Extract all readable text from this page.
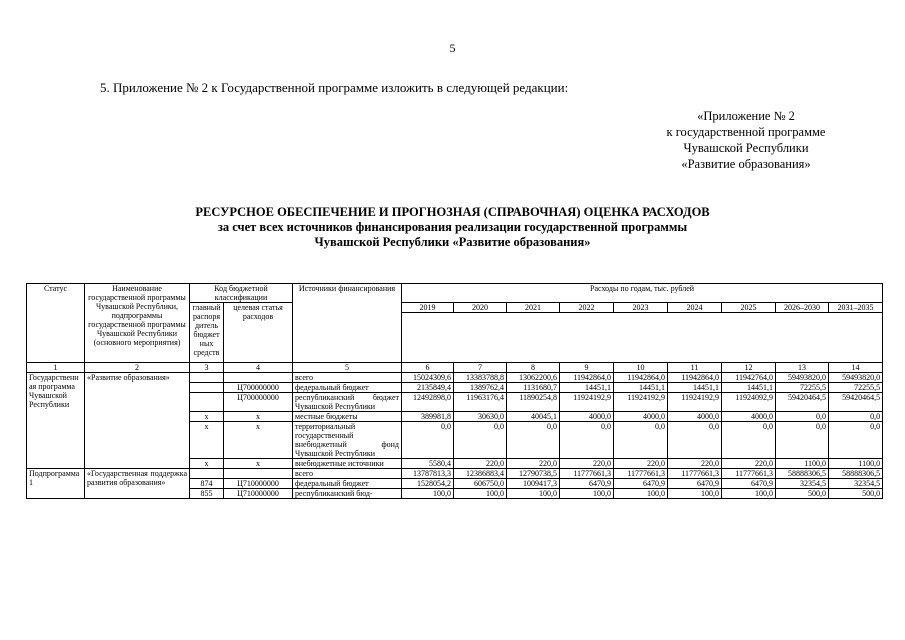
5
5. Приложение № 2 к Государственной программе изложить в следующей редакции:
«Приложение № 2
к государственной программе
Чувашской Республики
«Развитие образования»
РЕСУРСНОЕ ОБЕСПЕЧЕНИЕ И ПРОГНОЗНАЯ (СПРАВОЧНАЯ) ОЦЕНКА РАСХОДОВ
за счет всех источников финансирования реализации государственной программы
Чувашской Республики «Развитие образования»
Статус	Наименование государственной программы Чувашской Республики, подпрограммы государственной программы Чувашской Республики (основного мероприятия)	Код бюджетной классификации		Источники финансирования	Расходы по годам, тыс. рублей								
		главный распорядитель бюджетных средств	целевая статья расходов		2019	2020	2021	2022	2023	2024	2025	2026–2030	2031–2035

1	2	3	4	5	6	7	8	9	10	11	12	13	14
Государственная программа Чувашской Республики	«Развитие образования»			всего	15024309,6	13383788,8	13062200,6	11942864,0	11942864,0	11942864,0	11942764,0	59493820,0	59493820,0
			Ц700000000	федеральный бюджет	2135849,4	1389762,4	1131680,7	14451,1	14451,1	14451,1	14451,1	72255,5	72255,5
			Ц700000000	республиканский бюджет Чувашской Республики	12492898,0	11963176,4	11890254,8	11924192,9	11924192,9	11924192,9	11924092,9	59420464,5	59420464,5
		х	х	местные бюджеты	389981,8	30630,0	40045,1	4000,0	4000,0	4000,0	4000,0	0,0	0,0
		х	х	территориальный государственный внебюджетный фонд Чувашской Республики	0,0	0,0	0,0	0,0	0,0	0,0	0,0	0,0	0,0
		х	х	внебюджетные источники	5580,4	220,0	220,0	220,0	220,0	220,0	220,0	1100,0	1100,0
Подпрограмма 1	«Государственная поддержка развития образования»			всего	13787813,3	12386883,4	12790738,5	11777661,3	11777661,3	11777661,3	11777661,3	58888306,5	58888306,5
		874	Ц710000000	федеральный бюджет	1528054,2	606750,0	1009417,3	6470,9	6470,9	6470,9	6470,9	32354,5	32354,5
		855	Ц710000000	республиканский бюд-	100,0	100,0	100,0	100,0	100,0	100,0	100,0	500,0	500,0
